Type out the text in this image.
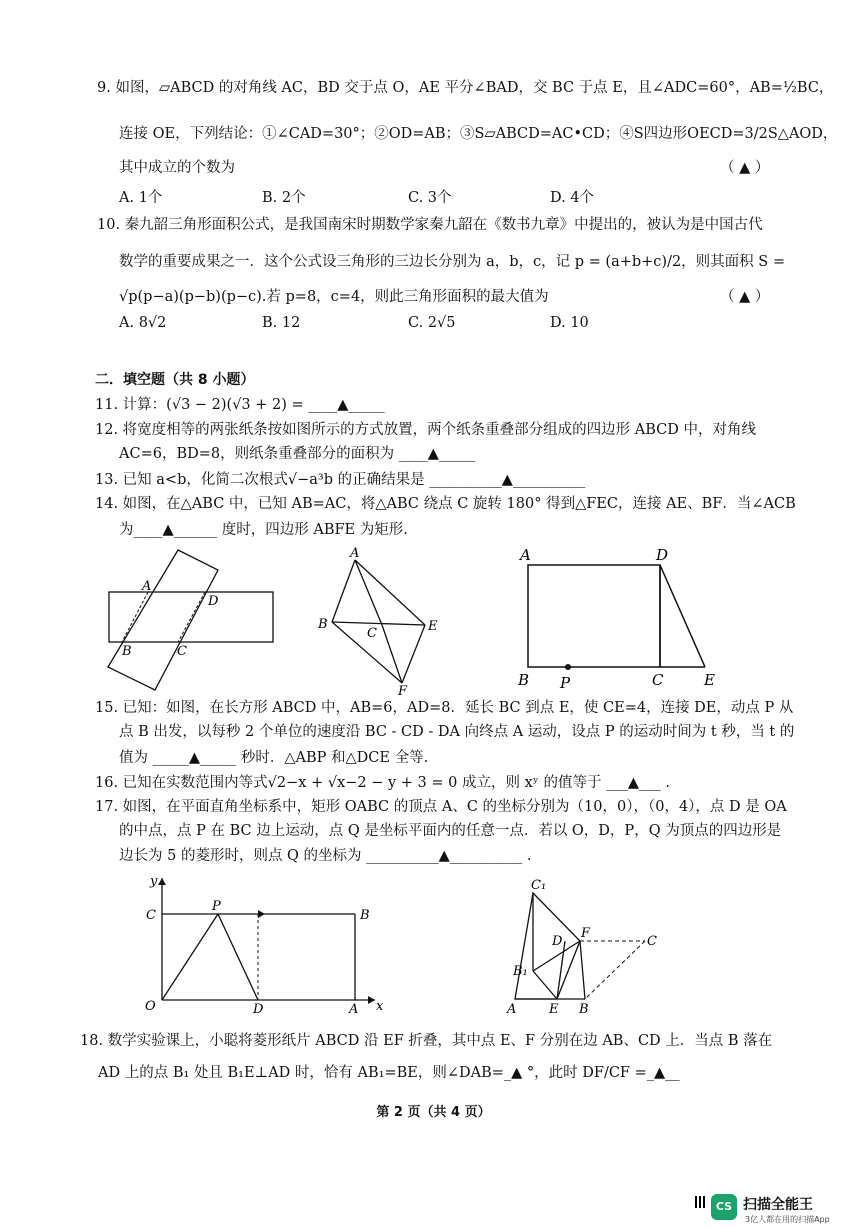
9. 如图，▱ABCD 的对角线 AC，BD 交于点 O，AE 平分∠BAD，交 BC 于点 E，且∠ADC=60°，AB=½BC，
连接 OE，下列结论：①∠CAD=30°；②OD=AB；③S▱ABCD=AC•CD；④S四边形OECD=3/2S△AOD，
其中成立的个数为	（ ▲ ）
A. 1个	B. 2个	C. 3个	D. 4个
10. 秦九韶三角形面积公式，是我国南宋时期数学家秦九韶在《数书九章》中提出的，被认为是中国古代
数学的重要成果之一．这个公式设三角形的三边长分别为 a，b，c，记 p = (a+b+c)/2，则其面积 S =
√p(p−a)(p−b)(p−c).若 p=8，c=4，则此三角形面积的最大值为	（ ▲ ）
A. 8√2	B. 12	C. 2√5	D. 10
二．填空题（共 8 小题）
11. 计算：(√3 − 2)(√3 + 2) = ____▲_____
12. 将宽度相等的两张纸条按如图所示的方式放置，两个纸条重叠部分组成的四边形 ABCD 中，对角线
AC=6，BD=8，则纸条重叠部分的面积为 ____▲_____
13. 已知 a<b，化简二次根式√−a³b 的正确结果是 __________▲__________
14. 如图，在△ABC 中，已知 AB=AC，将△ABC 绕点 C 旋转 180° 得到△FEC，连接 AE、BF．当∠ACB
为____▲______ 度时，四边形 ABFE 为矩形.
A
D
B	C
A
B
C	E
F
A	D
B P	C	E
15. 已知：如图，在长方形 ABCD 中，AB=6，AD=8．延长 BC 到点 E，使 CE=4，连接 DE，动点 P 从
点 B 出发，以每秒 2 个单位的速度沿 BC - CD - DA 向终点 A 运动，设点 P 的运动时间为 t 秒，当 t 的
值为 _____▲_____ 秒时．△ABP 和△DCE 全等.
16. 已知在实数范围内等式√2−x + √x−2 − y + 3 = 0 成立，则 xʸ 的值等于 ___▲___ .
17. 如图，在平面直角坐标系中，矩形 OABC 的顶点 A、C 的坐标分别为（10，0），（0，4），点 D 是 OA
的中点，点 P 在 BC 边上运动，点 Q 是坐标平面内的任意一点．若以 O，D，P，Q 为顶点的四边形是
边长为 5 的菱形时，则点 Q 的坐标为 __________▲__________ .
y
C
P
B
O	D	A x
C₁
D
F
C
B₁
A	E B
18. 数学实验课上，小聪将菱形纸片 ABCD 沿 EF 折叠，其中点 E、F 分别在边 AB、CD 上．当点 B 落在
AD 上的点 B₁ 处且 B₁E⊥AD 时，恰有 AB₁=BE，则∠DAB=_▲ °，此时 DF/CF =_▲__
第 2 页（共 4 页）
CS 扫描全能王
3亿人都在用的扫描App
